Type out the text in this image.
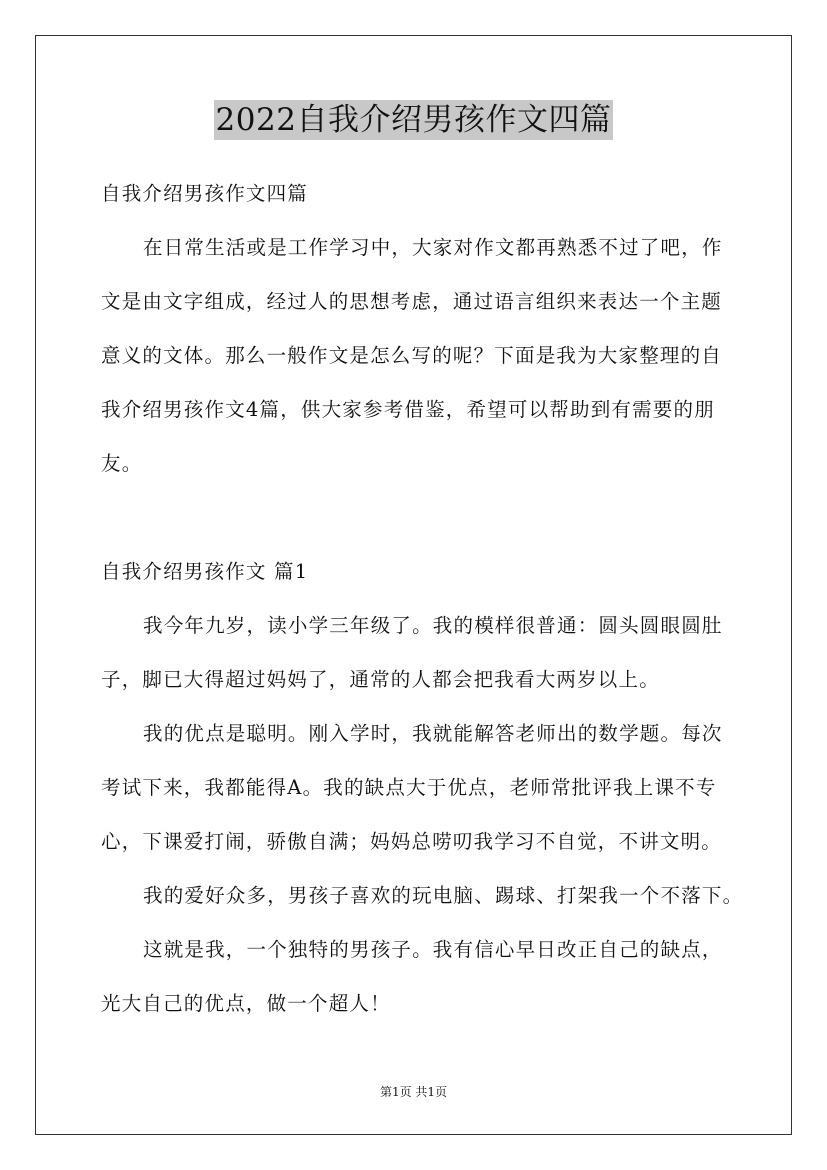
2022自我介绍男孩作文四篇
自我介绍男孩作文四篇
在日常生活或是工作学习中，大家对作文都再熟悉不过了吧，作
文是由文字组成，经过人的思想考虑，通过语言组织来表达一个主题
意义的文体。那么一般作文是怎么写的呢？下面是我为大家整理的自
我介绍男孩作文4篇，供大家参考借鉴，希望可以帮助到有需要的朋
友。
自我介绍男孩作文 篇1
我今年九岁，读小学三年级了。我的模样很普通：圆头圆眼圆肚
子，脚已大得超过妈妈了，通常的人都会把我看大两岁以上。
我的优点是聪明。刚入学时，我就能解答老师出的数学题。每次
考试下来，我都能得A。我的缺点大于优点，老师常批评我上课不专
心，下课爱打闹，骄傲自满；妈妈总唠叨我学习不自觉，不讲文明。
我的爱好众多，男孩子喜欢的玩电脑、踢球、打架我一个不落下。
这就是我，一个独特的男孩子。我有信心早日改正自己的缺点，
光大自己的优点，做一个超人！
第1页 共1页
